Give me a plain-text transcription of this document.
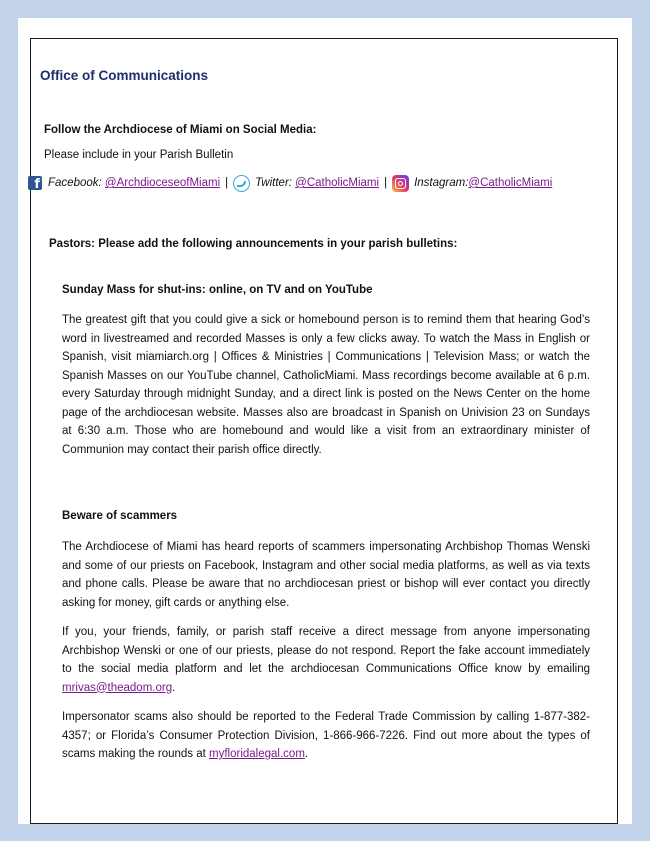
Office of Communications
Follow the Archdiocese of Miami on Social Media:
Please include in your Parish Bulletin
f
Facebook:
@ArchdioceseofMiami | Twitter:
@CatholicMiami | Instagram: @CatholicMiami
Pastors: Please add the following announcements in your parish bulletins:
Sunday Mass for shut-ins: online, on TV and on YouTube

The greatest gift that you could give a sick or homebound person is to remind them that hearing God’s word in livestreamed and recorded Masses is only a few clicks away. To watch the Mass in English or Spanish, visit miamiarch.org | Offices & Ministries | Communications | Television Mass; or watch the Spanish Masses on our YouTube channel, CatholicMiami. Mass recordings become available at 6 p.m. every Saturday through midnight Sunday, and a direct link is posted on the News Center on the home page of the archdiocesan website. Masses also are broadcast in Spanish on Univision 23 on Sundays at 6:30 a.m. Those who are homebound and would like a visit from an extraordinary minister of Communion may contact their parish office directly.

Beware of scammers

The Archdiocese of Miami has heard reports of scammers impersonating Archbishop Thomas Wenski and some of our priests on Facebook, Instagram and other social media platforms, as well as via texts and phone calls. Please be aware that no archdiocesan priest or bishop will ever contact you directly asking for money, gift cards or anything else.

If you, your friends, family, or parish staff receive a direct message from anyone impersonating Archbishop Wenski or one of our priests, please do not respond. Report the fake account immediately to the social media platform and let the archdiocesan Communications Office know by emailing mrivas@theadom.org.

Impersonator scams also should be reported to the Federal Trade Commission by calling 1-877-382-4357; or Florida’s Consumer Protection Division, 1-866-966-7226. Find out more about the types of scams making the rounds at myfloridalegal.com.
